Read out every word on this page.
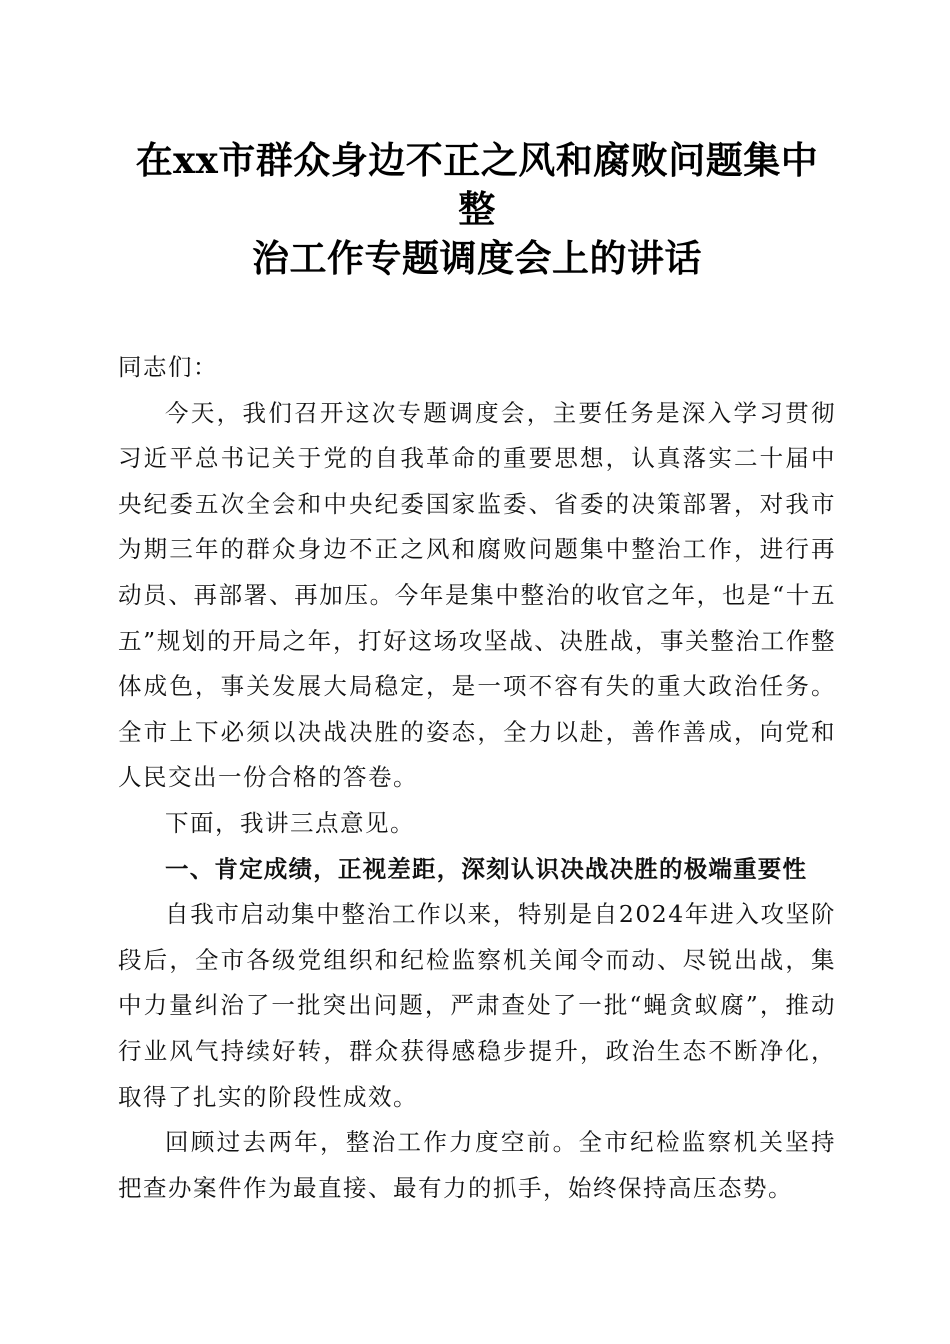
在xx市群众身边不正之风和腐败问题集中整
治工作专题调度会上的讲话

同志们：

今天，我们召开这次专题调度会，主要任务是深入学习贯彻习近平总书记关于党的自我革命的重要思想，认真落实二十届中央纪委五次全会和中央纪委国家监委、省委的决策部署，对我市为期三年的群众身边不正之风和腐败问题集中整治工作，进行再动员、再部署、再加压。今年是集中整治的收官之年，也是“十五五”规划的开局之年，打好这场攻坚战、决胜战，事关整治工作整体成色，事关发展大局稳定，是一项不容有失的重大政治任务。全市上下必须以决战决胜的姿态，全力以赴，善作善成，向党和人民交出一份合格的答卷。

下面，我讲三点意见。

一、肯定成绩，正视差距，深刻认识决战决胜的极端重要性

自我市启动集中整治工作以来，特别是自2024年进入攻坚阶段后，全市各级党组织和纪检监察机关闻令而动、尽锐出战，集中力量纠治了一批突出问题，严肃查处了一批“蝇贪蚁腐”，推动行业风气持续好转，群众获得感稳步提升，政治生态不断净化，取得了扎实的阶段性成效。

回顾过去两年，整治工作力度空前。全市纪检监察机关坚持把查办案件作为最直接、最有力的抓手，始终保持高压态势。
